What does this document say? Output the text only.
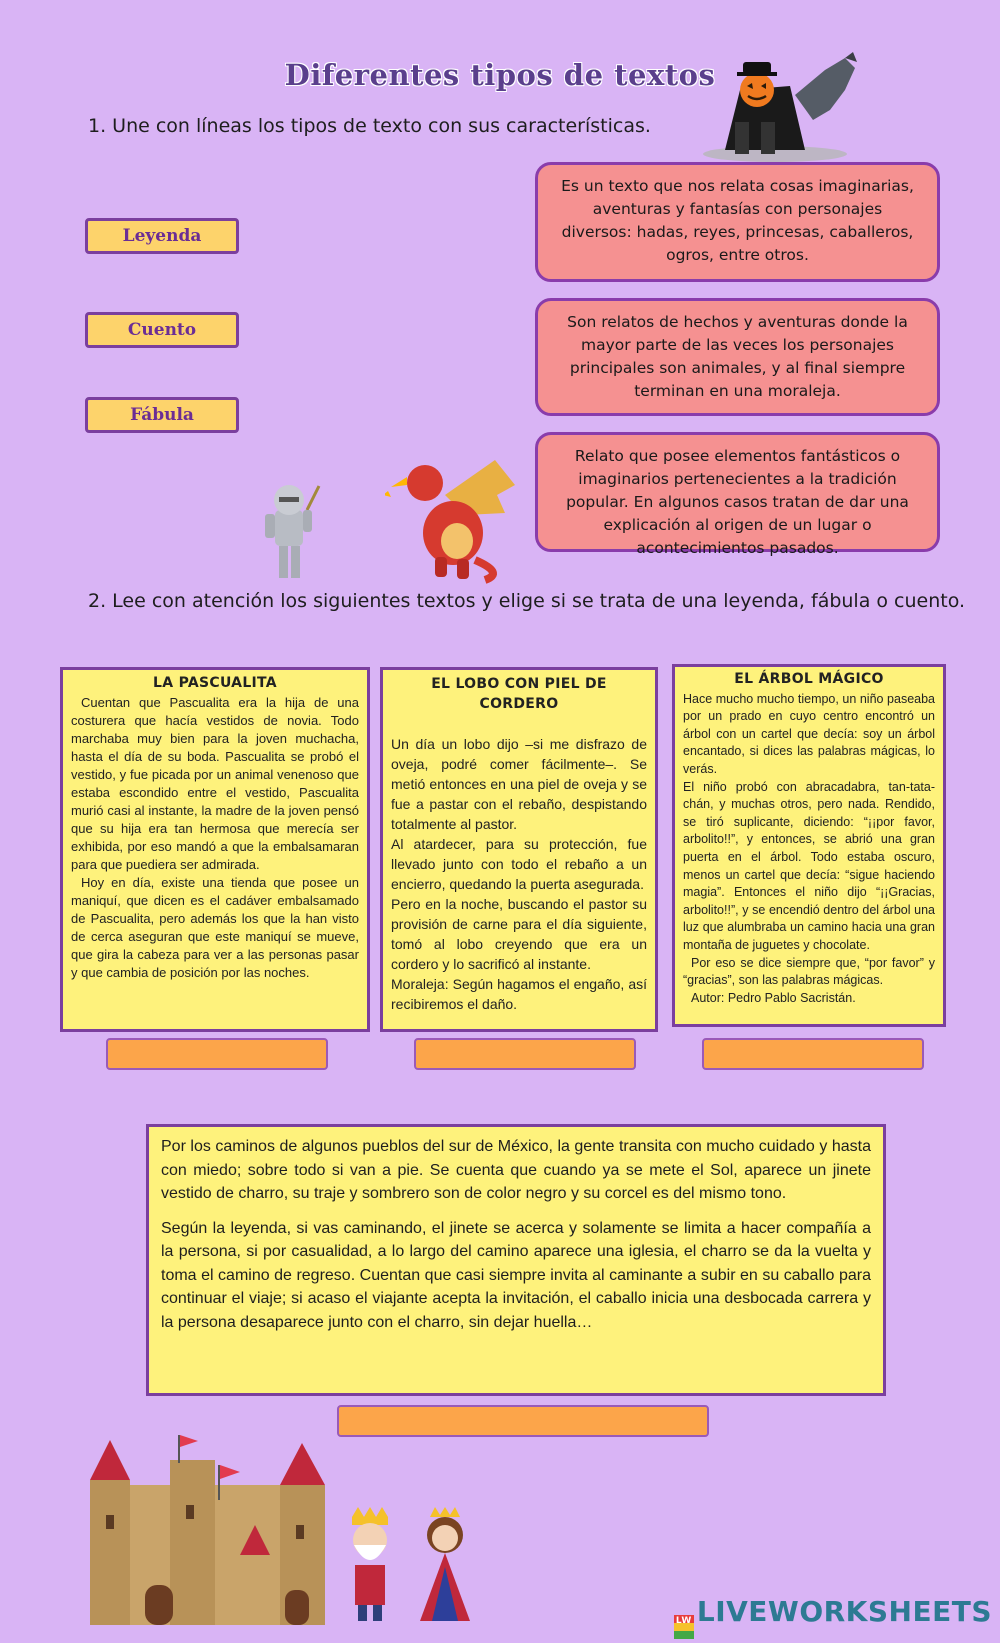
Diferentes tipos de textos
1. Une con líneas los tipos de texto con sus características.
Leyenda
Cuento
Fábula
Es un texto que nos relata cosas imaginarias, aventuras y fantasías con personajes diversos: hadas, reyes, princesas, caballeros, ogros, entre otros.
Son relatos de hechos y aventuras donde la mayor parte de las veces los personajes principales son animales, y al final siempre terminan en una moraleja.
Relato que posee elementos fantásticos o imaginarios pertenecientes a la tradición popular. En algunos casos tratan de dar una explicación al origen de un lugar o acontecimientos pasados.
2. Lee con atención los siguientes textos y elige si se trata de una leyenda, fábula o cuento.
LA PASCUALITA

Cuentan que Pascualita era la hija de una costurera que hacía vestidos de novia. Todo marchaba muy bien para la joven muchacha, hasta el día de su boda. Pascualita se probó el vestido, y fue picada por un animal venenoso que estaba escondido entre el vestido, Pascualita murió casi al instante, la madre de la joven pensó que su hija era tan hermosa que merecía ser exhibida, por eso mandó a que la embalsamaran para que puediera ser admirada.

Hoy en día, existe una tienda que posee un maniquí, que dicen es el cadáver embalsamado de Pascualita, pero además los que la han visto de cerca aseguran que este maniquí se mueve, que gira la cabeza para ver a las personas pasar y que cambia de posición por las noches.

EL LOBO CON PIEL DE CORDERO

Un día un lobo dijo –si me disfrazo de oveja, podré comer fácilmente–. Se metió entonces en una piel de oveja y se fue a pastar con el rebaño, despistando totalmente al pastor.

Al atardecer, para su protección, fue llevado junto con todo el rebaño a un encierro, quedando la puerta asegurada.

Pero en la noche, buscando el pastor su provisión de carne para el día siguiente, tomó al lobo creyendo que era un cordero y lo sacrificó al instante.

Moraleja: Según hagamos el engaño, así recibiremos el daño.

EL ÁRBOL MÁGICO

Hace mucho mucho tiempo, un niño paseaba por un prado en cuyo centro encontró un árbol con un cartel que decía: soy un árbol encantado, si dices las palabras mágicas, lo verás.

El niño probó con abracadabra, tan-tata-chán, y muchas otros, pero nada. Rendido, se tiró suplicante, diciendo: “¡¡por favor, arbolito!!”, y entonces, se abrió una gran puerta en el árbol. Todo estaba oscuro, menos un cartel que decía: “sigue haciendo magia”. Entonces el niño dijo “¡¡Gracias, arbolito!!”, y se encendió dentro del árbol una luz que alumbraba un camino hacia una gran montaña de juguetes y chocolate.

Por eso se dice siempre que, “por favor” y “gracias”, son las palabras mágicas.

Autor: Pedro Pablo Sacristán.

Por los caminos de algunos pueblos del sur de México, la gente transita con mucho cuidado y hasta con miedo; sobre todo si van a pie. Se cuenta que cuando ya se mete el Sol, aparece un jinete vestido de charro, su traje y sombrero son de color negro y su corcel es del mismo tono.

Según la leyenda, si vas caminando, el jinete se acerca y solamente se limita a hacer compañía a la persona, si por casualidad, a lo largo del camino aparece una iglesia, el charro se da la vuelta y toma el camino de regreso. Cuentan que casi siempre invita al caminante a subir en su caballo para continuar el viaje; si acaso el viajante acepta la invitación, el caballo inicia una desbocada carrera y la persona desaparece junto con el charro, sin dejar huella…

LW LIVEWORKSHEETS
